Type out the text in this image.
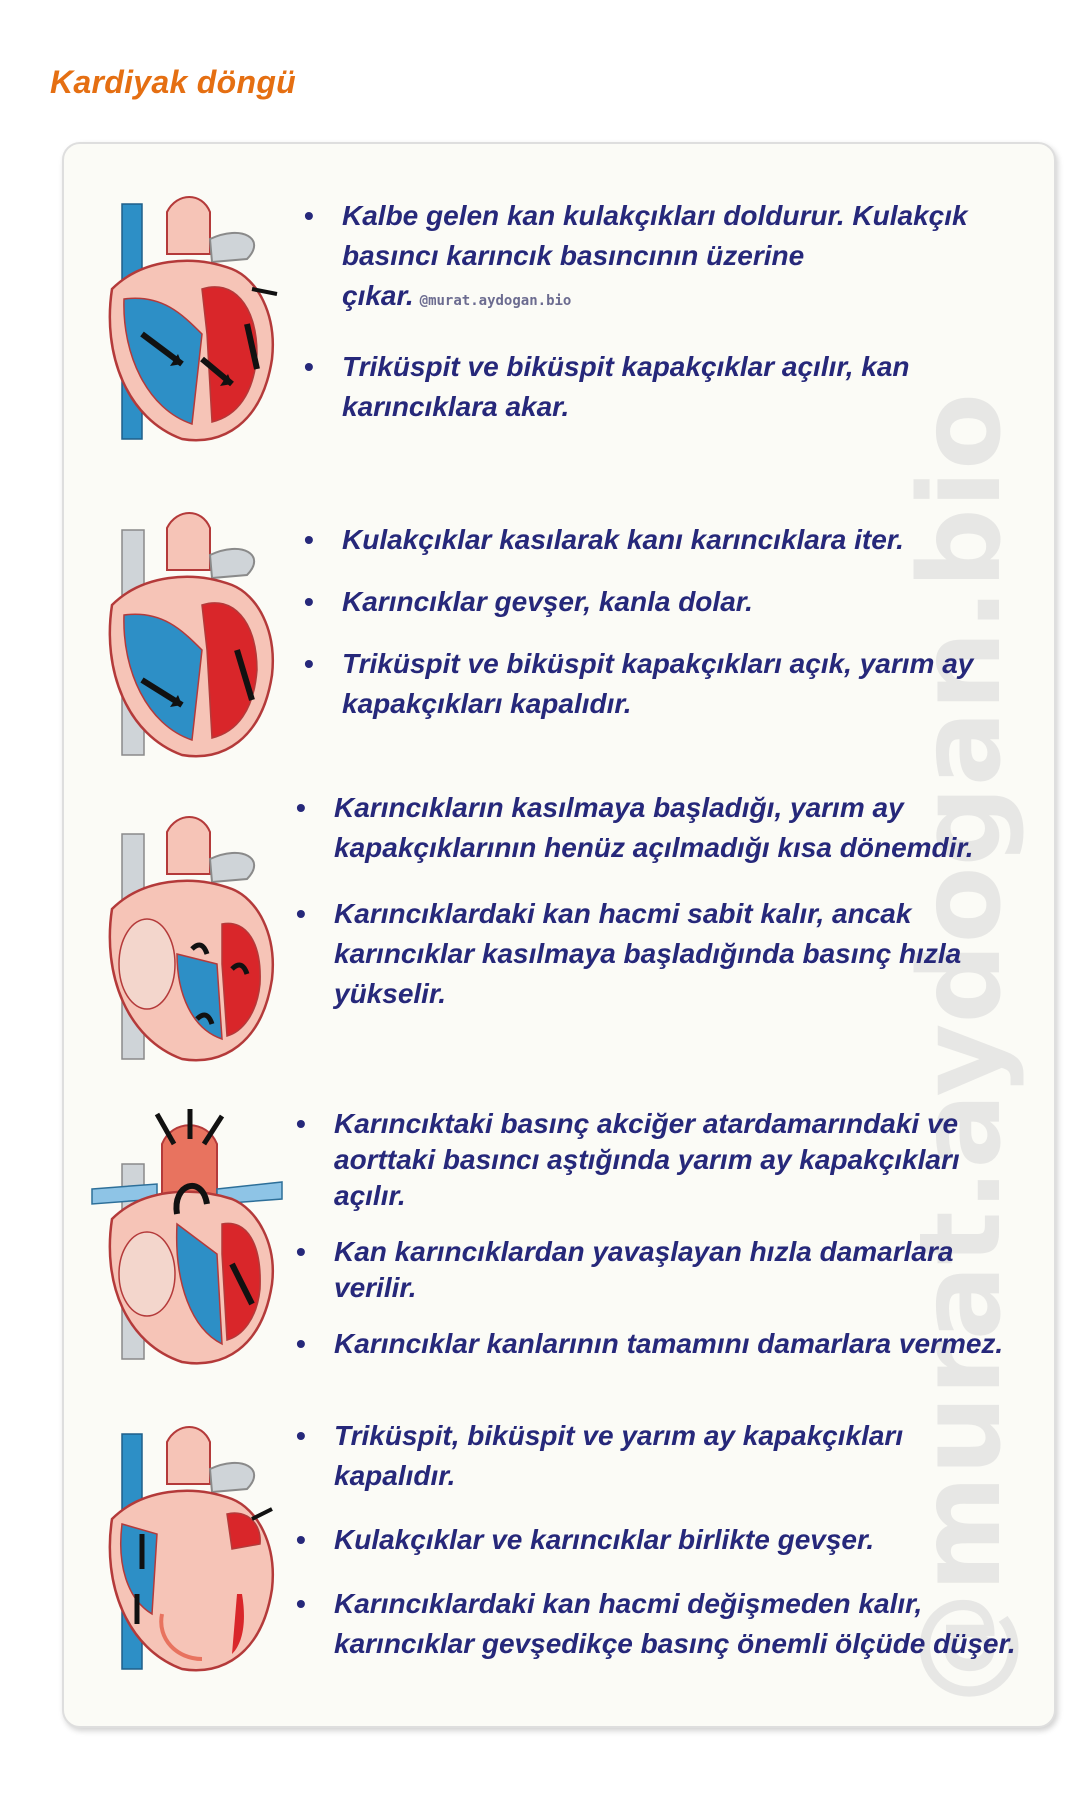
Kardiyak döngü
@murat.aydogan.bio
• Kalbe gelen kan kulakçıkları doldurur. Kulakçık basıncı karıncık basıncının üzerine çıkar. @murat.aydogan.bio
• Triküspit ve biküspit kapakçıklar açılır, kan karıncıklara akar.
• Kulakçıklar kasılarak kanı karıncıklara iter.
• Karıncıklar gevşer, kanla dolar.
• Triküspit ve biküspit kapakçıkları açık, yarım ay kapakçıkları kapalıdır.
• Karıncıkların kasılmaya başladığı, yarım ay kapakçıklarının henüz açılmadığı kısa dönemdir.
• Karıncıklardaki kan hacmi sabit kalır, ancak karıncıklar kasılmaya başladığında basınç hızla yükselir.
• Karıncıktaki basınç akciğer atardamarındaki ve aorttaki basıncı aştığında yarım ay kapakçıkları açılır.
• Kan karıncıklardan yavaşlayan hızla damarlara verilir.
• Karıncıklar kanlarının tamamını damarlara vermez.
• Triküspit, biküspit ve yarım ay kapakçıkları kapalıdır.
• Kulakçıklar ve karıncıklar birlikte gevşer.
• Karıncıklardaki kan hacmi değişmeden kalır, karıncıklar gevşedikçe basınç önemli ölçüde düşer.
